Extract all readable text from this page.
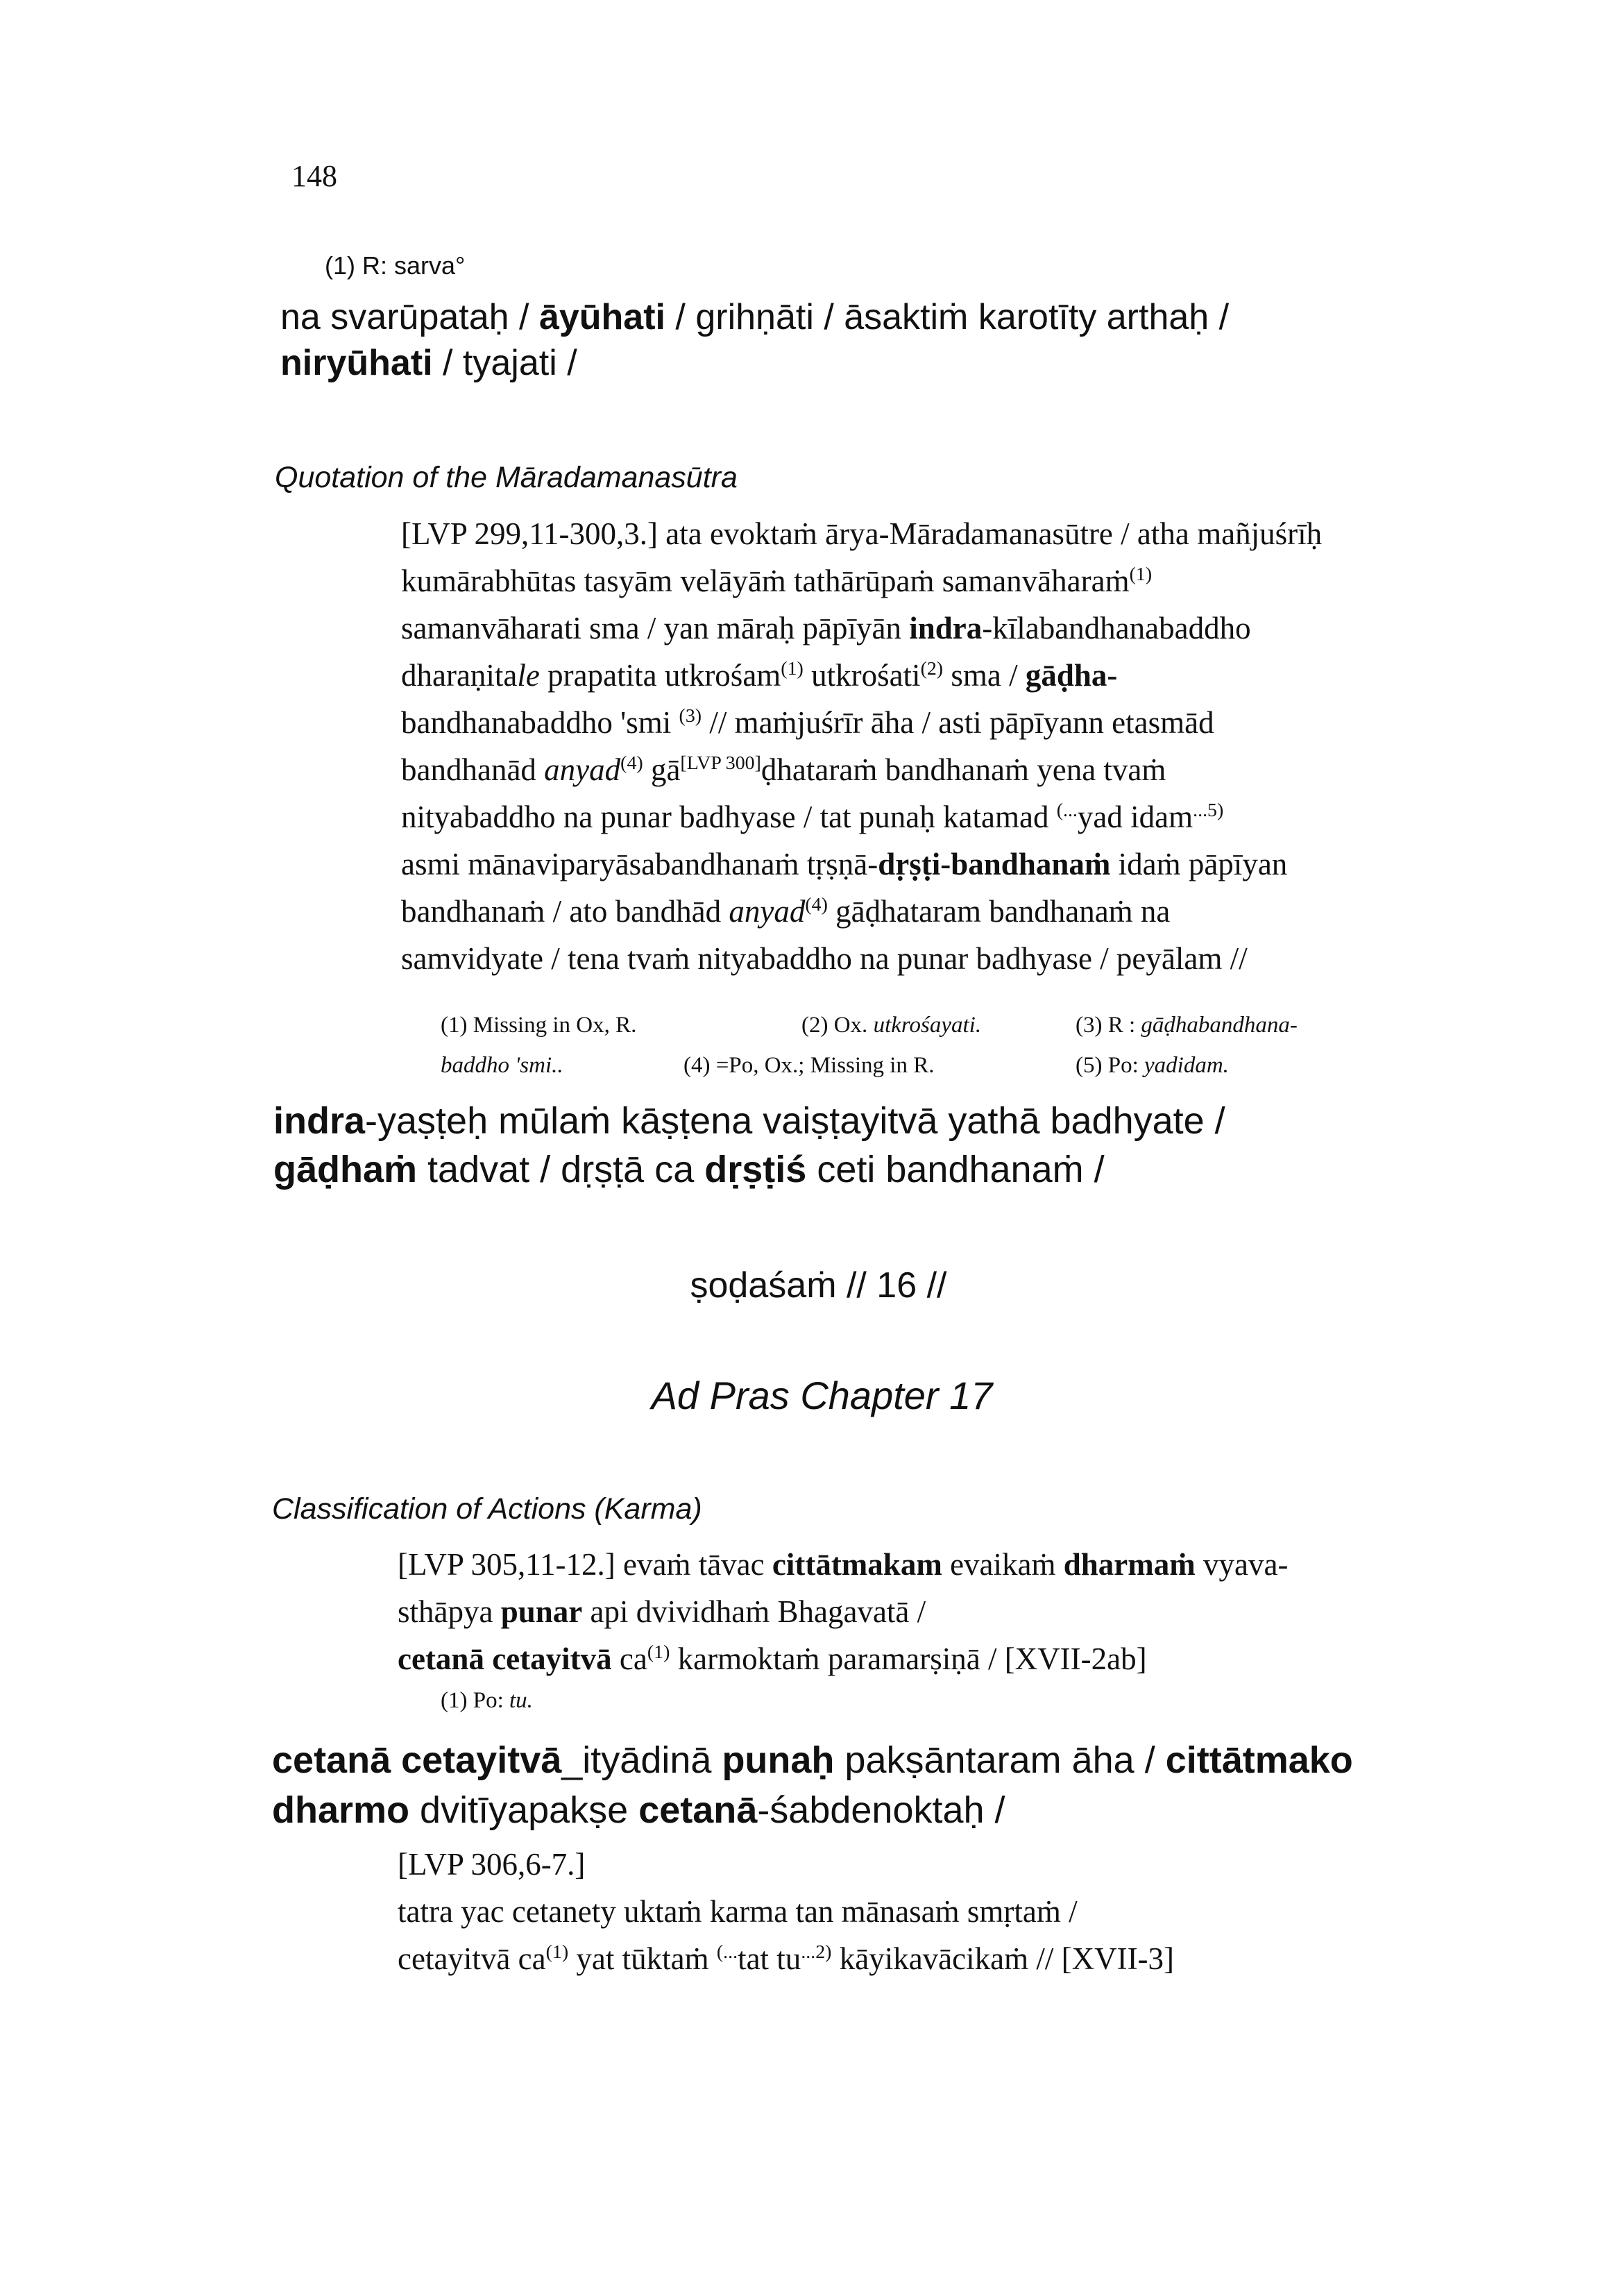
148
(1) R: sarva°
na svarūpataḥ / āyūhati / grihṇāti / āsaktiṁ karotīty arthaḥ /
niryūhati / tyajati /
Quotation of the Māradamanasūtra
[LVP 299,11-300,3.] ata evoktaṁ ārya-Māradamanasūtre / atha mañjuśrīḥ
kumārabhūtas tasyām velāyāṁ tathārūpaṁ samanvāharaṁ$^{(1)}$
samanvāharati sma / yan māraḥ pāpīyān indra-kīlabandhanabaddho
dharaṇitale prapatita utkrośam$^{(1)}$ utkrośati$^{(2)}$ sma / gāḍha-
bandhanabaddho 'smi $^{(3)}$ // maṁjuśrīr āha / asti pāpīyann etasmād
bandhanād anyad$^{(4)}$ gā[LVP 300]ḍhataraṁ bandhanaṁ yena tvaṁ
nityabaddho na punar badhyase / tat punaḥ katamad (...yad idam$^{...5)}$
asmi mānaviparyāsabandhanaṁ tṛṣṇā-dṛṣṭi-bandhanaṁ idaṁ pāpīyan
bandhanaṁ / ato bandhād anyad$^{(4)}$ gāḍhataram bandhanaṁ na
samvidyate / tena tvaṁ nityabaddho na punar badhyase / peyālam //
(1) Missing in Ox, R.	(2) Ox. utkrośayati.	(3) R : gāḍhabandhana-
baddho 'smi..	(4) =Po, Ox.; Missing in R.	(5) Po: yadidam.
indra-yaṣṭeḥ mūlaṁ kāṣṭena vaiṣṭayitvā yathā badhyate /
gāḍhaṁ tadvat / dṛṣṭā ca dṛṣṭiś ceti bandhanaṁ /
ṣoḍaśaṁ // 16 //
Ad Pras Chapter 17
Classification of Actions (Karma)
[LVP 305,11-12.] evaṁ tāvac cittātmakam evaikaṁ dharmaṁ vyava-
sthāpya punar api dvividhaṁ Bhagavatā /
cetanā cetayitvā $ca^{(1)}$ karmoktaṁ paramarṣiṇā / [XVII-2ab]
(1) Po: tu.
cetanā cetayitvā_ityādinā punaḥ pakṣāntaram āha / cittātmako
dharmo dvitīyapakṣe cetanā-śabdenoktaḥ /
[LVP 306,6-7.]
tatra yac cetanety uktaṁ karma tan mānasaṁ smṛtaṁ /
cetayitvā $ca^{(1)}$ yat tūktaṁ (...tat $tu^{...2)}$ kāyikavācikaṁ // [XVII-3]
